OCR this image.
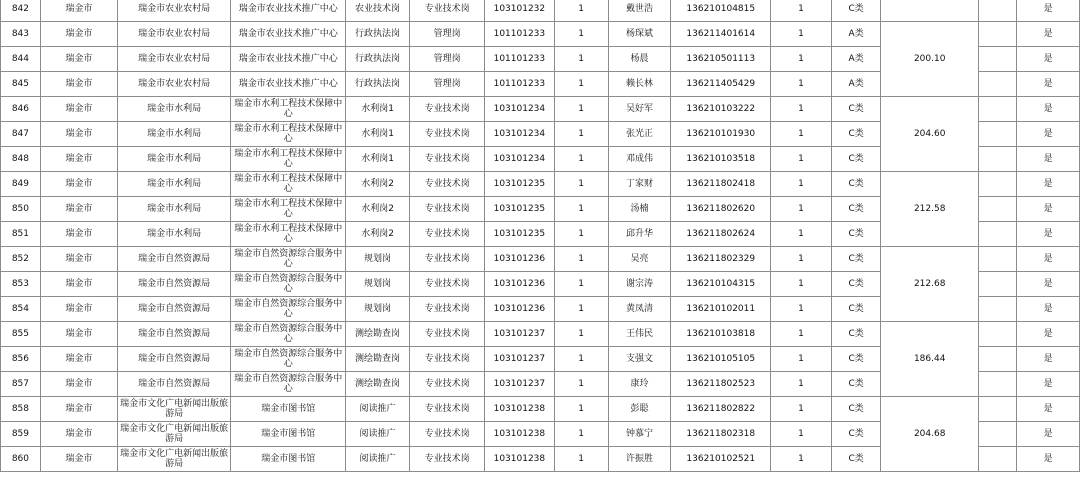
842	瑞金市	瑞金市农业农村局	瑞金市农业技术推广中心	农业技术岗	专业技术岗	103101232	1	戴世浩	136210104815	1	C类			是
843	瑞金市	瑞金市农业农村局	瑞金市农业技术推广中心	行政执法岗	管理岗	101101233	1	杨琛斌	136211401614	1	A类	200.10		是
844	瑞金市	瑞金市农业农村局	瑞金市农业技术推广中心	行政执法岗	管理岗	101101233	1	杨晨	136210501113	1	A类			是
845	瑞金市	瑞金市农业农村局	瑞金市农业技术推广中心	行政执法岗	管理岗	101101233	1	赖长林	136211405429	1	A类			是
846	瑞金市	瑞金市水利局	瑞金市水利工程技术保障中心	水利岗1	专业技术岗	103101234	1	吴好军	136210103222	1	C类	204.60		是
847	瑞金市	瑞金市水利局	瑞金市水利工程技术保障中心	水利岗1	专业技术岗	103101234	1	张光正	136210101930	1	C类			是
848	瑞金市	瑞金市水利局	瑞金市水利工程技术保障中心	水利岗1	专业技术岗	103101234	1	邓成伟	136210103518	1	C类			是
849	瑞金市	瑞金市水利局	瑞金市水利工程技术保障中心	水利岗2	专业技术岗	103101235	1	丁家财	136211802418	1	C类	212.58		是
850	瑞金市	瑞金市水利局	瑞金市水利工程技术保障中心	水利岗2	专业技术岗	103101235	1	汤楠	136211802620	1	C类			是
851	瑞金市	瑞金市水利局	瑞金市水利工程技术保障中心	水利岗2	专业技术岗	103101235	1	邱升华	136211802624	1	C类			是
852	瑞金市	瑞金市自然资源局	瑞金市自然资源综合服务中心	规划岗	专业技术岗	103101236	1	吴亮	136211802329	1	C类	212.68		是
853	瑞金市	瑞金市自然资源局	瑞金市自然资源综合服务中心	规划岗	专业技术岗	103101236	1	谢宗涛	136210104315	1	C类			是
854	瑞金市	瑞金市自然资源局	瑞金市自然资源综合服务中心	规划岗	专业技术岗	103101236	1	黄凤清	136210102011	1	C类			是
855	瑞金市	瑞金市自然资源局	瑞金市自然资源综合服务中心	测绘勘查岗	专业技术岗	103101237	1	王伟民	136210103818	1	C类	186.44		是
856	瑞金市	瑞金市自然资源局	瑞金市自然资源综合服务中心	测绘勘查岗	专业技术岗	103101237	1	支强文	136210105105	1	C类			是
857	瑞金市	瑞金市自然资源局	瑞金市自然资源综合服务中心	测绘勘查岗	专业技术岗	103101237	1	康玲	136211802523	1	C类			是
858	瑞金市	瑞金市文化广电新闻出版旅游局	瑞金市图书馆	阅读推广	专业技术岗	103101238	1	彭聪	136211802822	1	C类	204.68		是
859	瑞金市	瑞金市文化广电新闻出版旅游局	瑞金市图书馆	阅读推广	专业技术岗	103101238	1	钟慕宁	136211802318	1	C类			是
860	瑞金市	瑞金市文化广电新闻出版旅游局	瑞金市图书馆	阅读推广	专业技术岗	103101238	1	许振胜	136210102521	1	C类			是
